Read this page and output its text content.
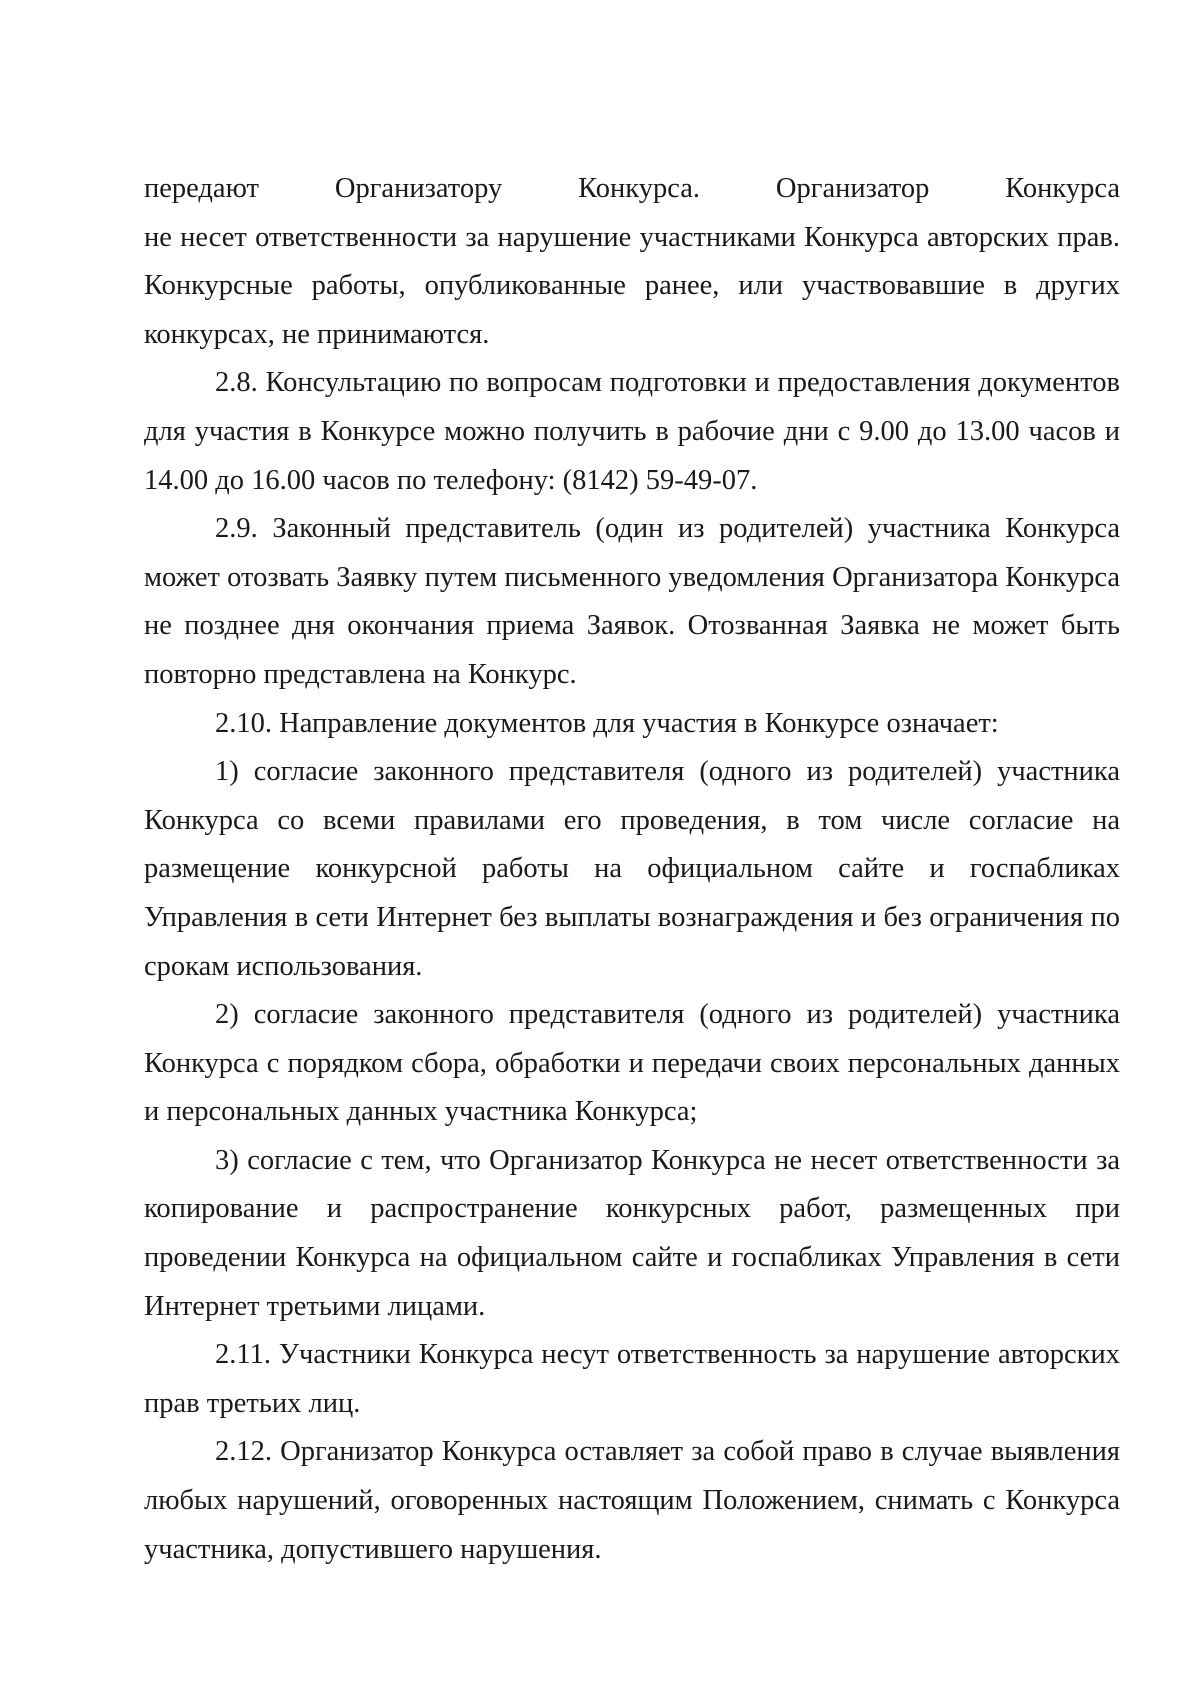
передают Организатору Конкурса. Организатор Конкурса

не несет ответственности за нарушение участниками Конкурса авторских прав. Конкурсные работы, опубликованные ранее, или участвовавшие в других конкурсах, не принимаются.

2.8. Консультацию по вопросам подготовки и предоставления документов для участия в Конкурсе можно получить в рабочие дни с 9.00 до 13.00 часов и 14.00 до 16.00 часов по телефону: (8142) 59-49-07.

2.9. Законный представитель (один из родителей) участника Конкурса может отозвать Заявку путем письменного уведомления Организатора Конкурса не позднее дня окончания приема Заявок. Отозванная Заявка не может быть повторно представлена на Конкурс.

2.10. Направление документов для участия в Конкурсе означает:

1) согласие законного представителя (одного из родителей) участника Конкурса со всеми правилами его проведения, в том числе согласие на размещение конкурсной работы на официальном сайте и госпабликах Управления в сети Интернет без выплаты вознаграждения и без ограничения по срокам использования.

2) согласие законного представителя (одного из родителей) участника Конкурса с порядком сбора, обработки и передачи своих персональных данных и персональных данных участника Конкурса;

3) согласие с тем, что Организатор Конкурса не несет ответственности за копирование и распространение конкурсных работ, размещенных при проведении Конкурса на официальном сайте и госпабликах Управления в сети Интернет третьими лицами.

2.11. Участники Конкурса несут ответственность за нарушение авторских прав третьих лиц.

2.12. Организатор Конкурса оставляет за собой право в случае выявления любых нарушений, оговоренных настоящим Положением, снимать с Конкурса участника, допустившего нарушения.
